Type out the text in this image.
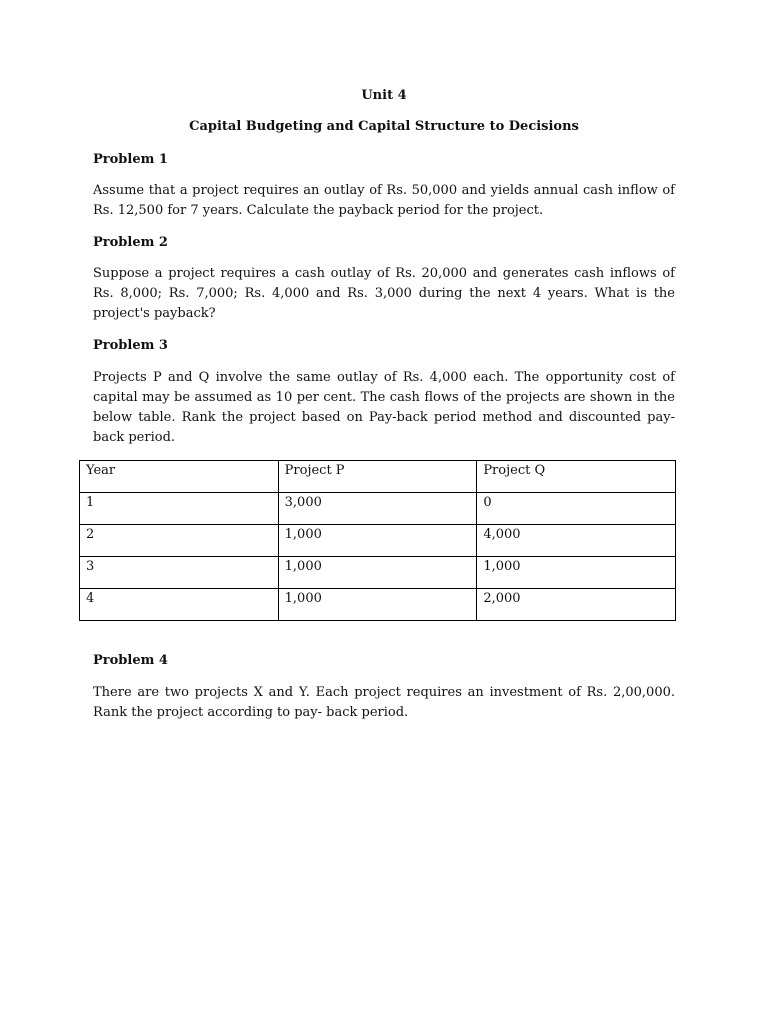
Unit 4
Capital Budgeting and Capital Structure to Decisions
Problem 1
Assume that a project requires an outlay of Rs. 50,000 and yields annual cash inflow of Rs. 12,500 for 7 years. Calculate the payback period for the project.
Problem 2
Suppose a project requires a cash outlay of Rs. 20,000 and generates cash inflows of Rs. 8,000; Rs. 7,000; Rs. 4,000 and Rs. 3,000 during the next 4 years. What is the project's payback?
Problem 3
Projects P and Q involve the same outlay of Rs. 4,000 each. The opportunity cost of capital may be assumed as 10 per cent. The cash flows of the projects are shown in the below table. Rank the project based on Pay-back period method and discounted pay-back period.
Year	Project P	Project Q
1	3,000	0
2	1,000	4,000
3	1,000	1,000
4	1,000	2,000
Problem 4
There are two projects X and Y. Each project requires an investment of Rs. 2,00,000. Rank the project according to pay- back period.
